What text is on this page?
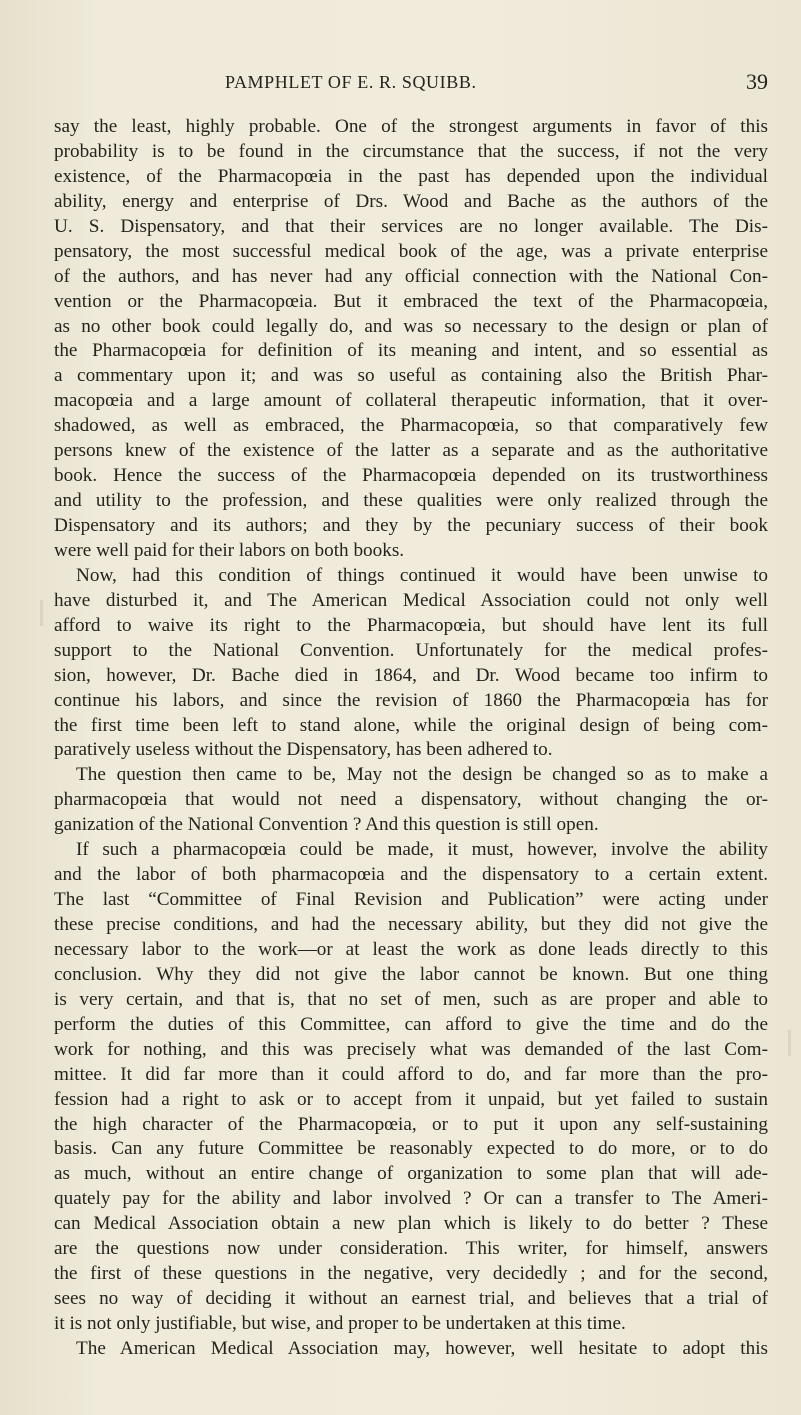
PAMPHLET OF E. R. SQUIBB.	39
say the least, highly probable. One of the strongest arguments in favor of this
probability is to be found in the circumstance that the success, if not the very
existence, of the Pharmacopœia in the past has depended upon the individual
ability, energy and enterprise of Drs. Wood and Bache as the authors of the
U. S. Dispensatory, and that their services are no longer available. The Dis-
pensatory, the most successful medical book of the age, was a private enterprise
of the authors, and has never had any official connection with the National Con-
vention or the Pharmacopœia. But it embraced the text of the Pharmacopœia,
as no other book could legally do, and was so necessary to the design or plan of
the Pharmacopœia for definition of its meaning and intent, and so essential as
a commentary upon it; and was so useful as containing also the British Phar-
macopœia and a large amount of collateral therapeutic information, that it over-
shadowed, as well as embraced, the Pharmacopœia, so that comparatively few
persons knew of the existence of the latter as a separate and as the authoritative
book. Hence the success of the Pharmacopœia depended on its trustworthiness
and utility to the profession, and these qualities were only realized through the
Dispensatory and its authors; and they by the pecuniary success of their book
were well paid for their labors on both books.
Now, had this condition of things continued it would have been unwise to
have disturbed it, and The American Medical Association could not only well
afford to waive its right to the Pharmacopœia, but should have lent its full
support to the National Convention. Unfortunately for the medical profes-
sion, however, Dr. Bache died in 1864, and Dr. Wood became too infirm to
continue his labors, and since the revision of 1860 the Pharmacopœia has for
the first time been left to stand alone, while the original design of being com-
paratively useless without the Dispensatory, has been adhered to.
The question then came to be, May not the design be changed so as to make a
pharmacopœia that would not need a dispensatory, without changing the or-
ganization of the National Convention ? And this question is still open.
If such a pharmacopœia could be made, it must, however, involve the ability
and the labor of both pharmacopœia and the dispensatory to a certain extent.
The last “Committee of Final Revision and Publication” were acting under
these precise conditions, and had the necessary ability, but they did not give the
necessary labor to the work—or at least the work as done leads directly to this
conclusion. Why they did not give the labor cannot be known. But one thing
is very certain, and that is, that no set of men, such as are proper and able to
perform the duties of this Committee, can afford to give the time and do the
work for nothing, and this was precisely what was demanded of the last Com-
mittee. It did far more than it could afford to do, and far more than the pro-
fession had a right to ask or to accept from it unpaid, but yet failed to sustain
the high character of the Pharmacopœia, or to put it upon any self-sustaining
basis. Can any future Committee be reasonably expected to do more, or to do
as much, without an entire change of organization to some plan that will ade-
quately pay for the ability and labor involved ? Or can a transfer to The Ameri-
can Medical Association obtain a new plan which is likely to do better ? These
are the questions now under consideration. This writer, for himself, answers
the first of these questions in the negative, very decidedly ; and for the second,
sees no way of deciding it without an earnest trial, and believes that a trial of
it is not only justifiable, but wise, and proper to be undertaken at this time.
The American Medical Association may, however, well hesitate to adopt this
